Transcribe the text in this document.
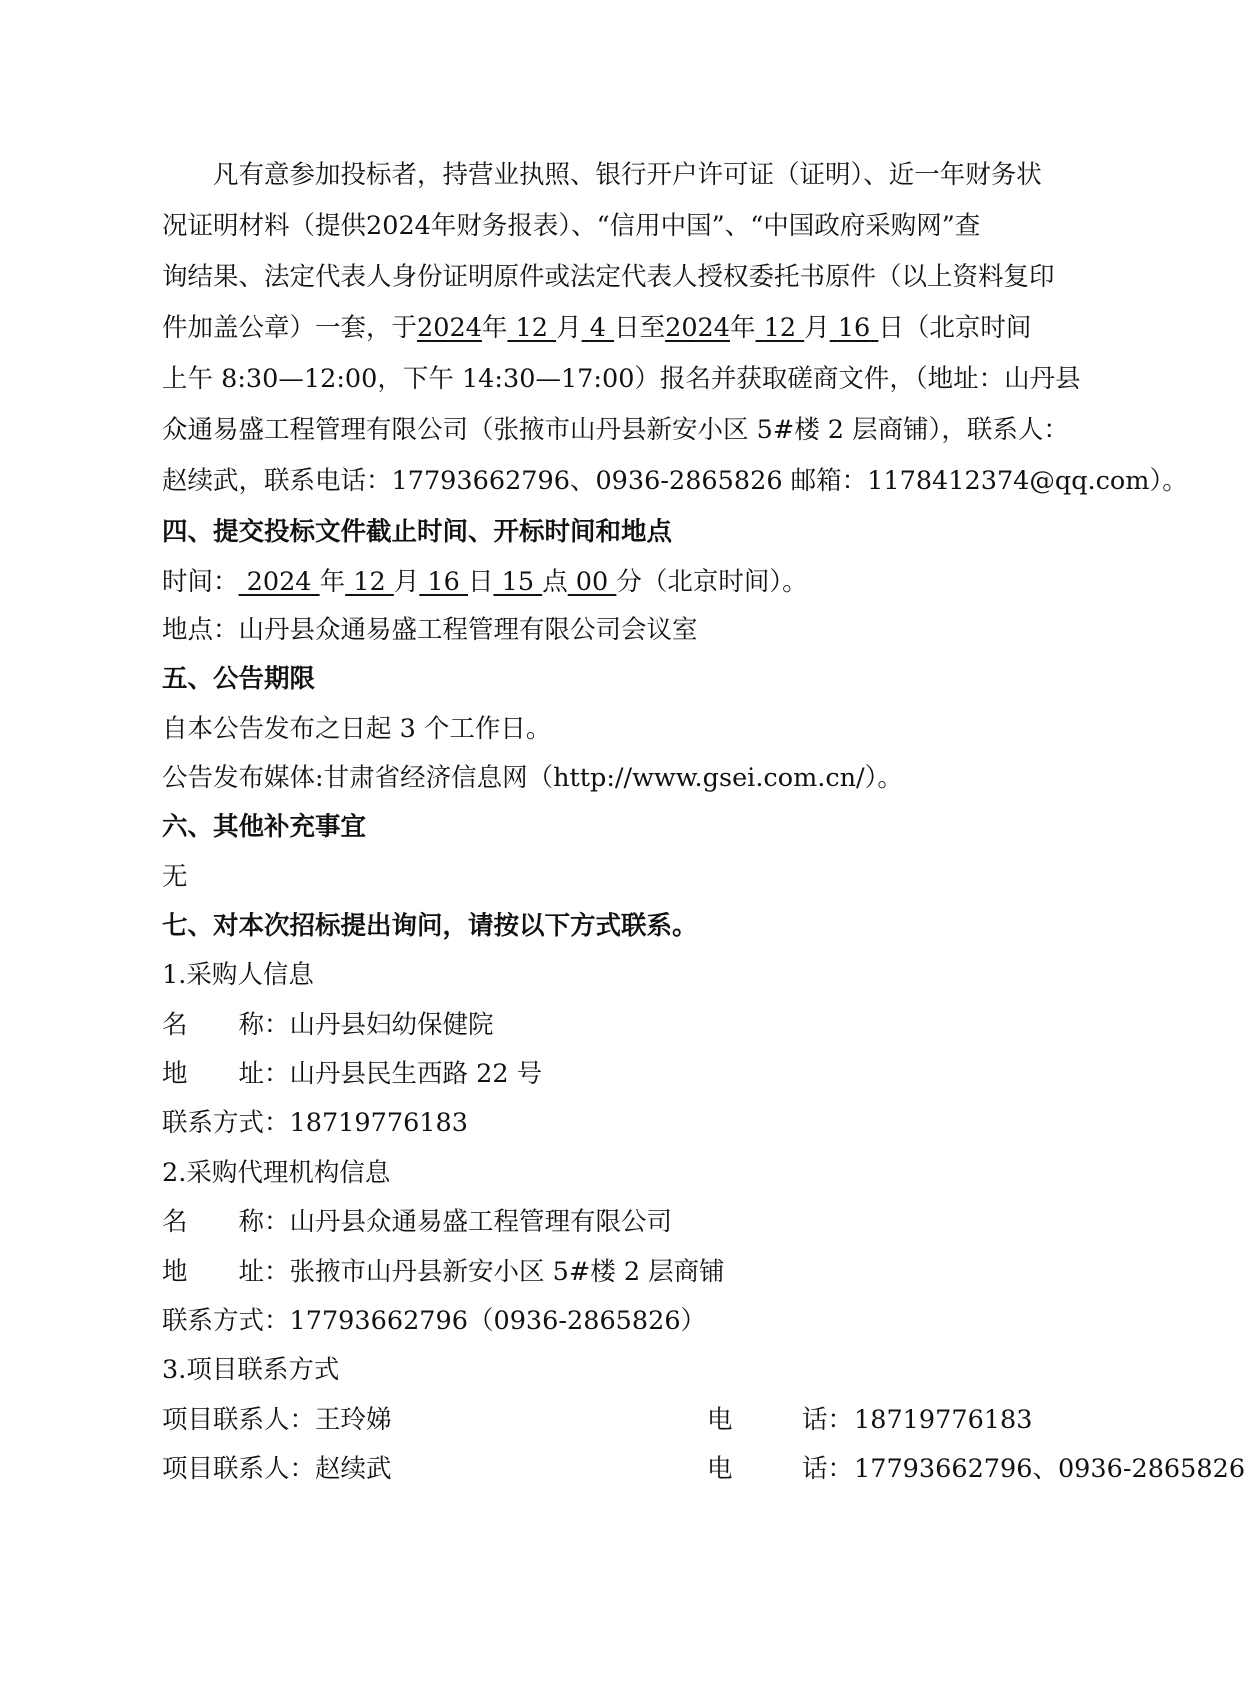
凡有意参加投标者，持营业执照、银行开户许可证（证明）、近一年财务状
况证明材料（提供2024年财务报表）、“信用中国”、“中国政府采购网”查
询结果、法定代表人身份证明原件或法定代表人授权委托书原件（以上资料复印
件加盖公章）一套，于2024年 12 月 4 日至2024年 12 月 16 日（北京时间
上午 8:30—12:00，下午 14:30—17:00）报名并获取磋商文件，（地址：山丹县
众通易盛工程管理有限公司（张掖市山丹县新安小区 5#楼 2 层商铺），联系人：
赵续武，联系电话：17793662796、0936-2865826 邮箱：1178412374@qq.com）。
四、提交投标文件截止时间、开标时间和地点
时间： 2024 年 12 月 16 日 15 点 00 分（北京时间）。
地点：山丹县众通易盛工程管理有限公司会议室
五、公告期限
自本公告发布之日起 3 个工作日。
公告发布媒体:甘肃省经济信息网（http://www.gsei.com.cn/）。
六、其他补充事宜
无
七、对本次招标提出询问，请按以下方式联系。
1.采购人信息
名　　称：山丹县妇幼保健院
地　　址：山丹县民生西路 22 号
联系方式：18719776183
2.采购代理机构信息
名　　称：山丹县众通易盛工程管理有限公司
地　　址：张掖市山丹县新安小区 5#楼 2 层商铺
联系方式：17793662796（0936-2865826）
3.项目联系方式
项目联系人：王玲娣	电	话： 18719776183
项目联系人：赵续武	电	话： 17793662796、0936-2865826
